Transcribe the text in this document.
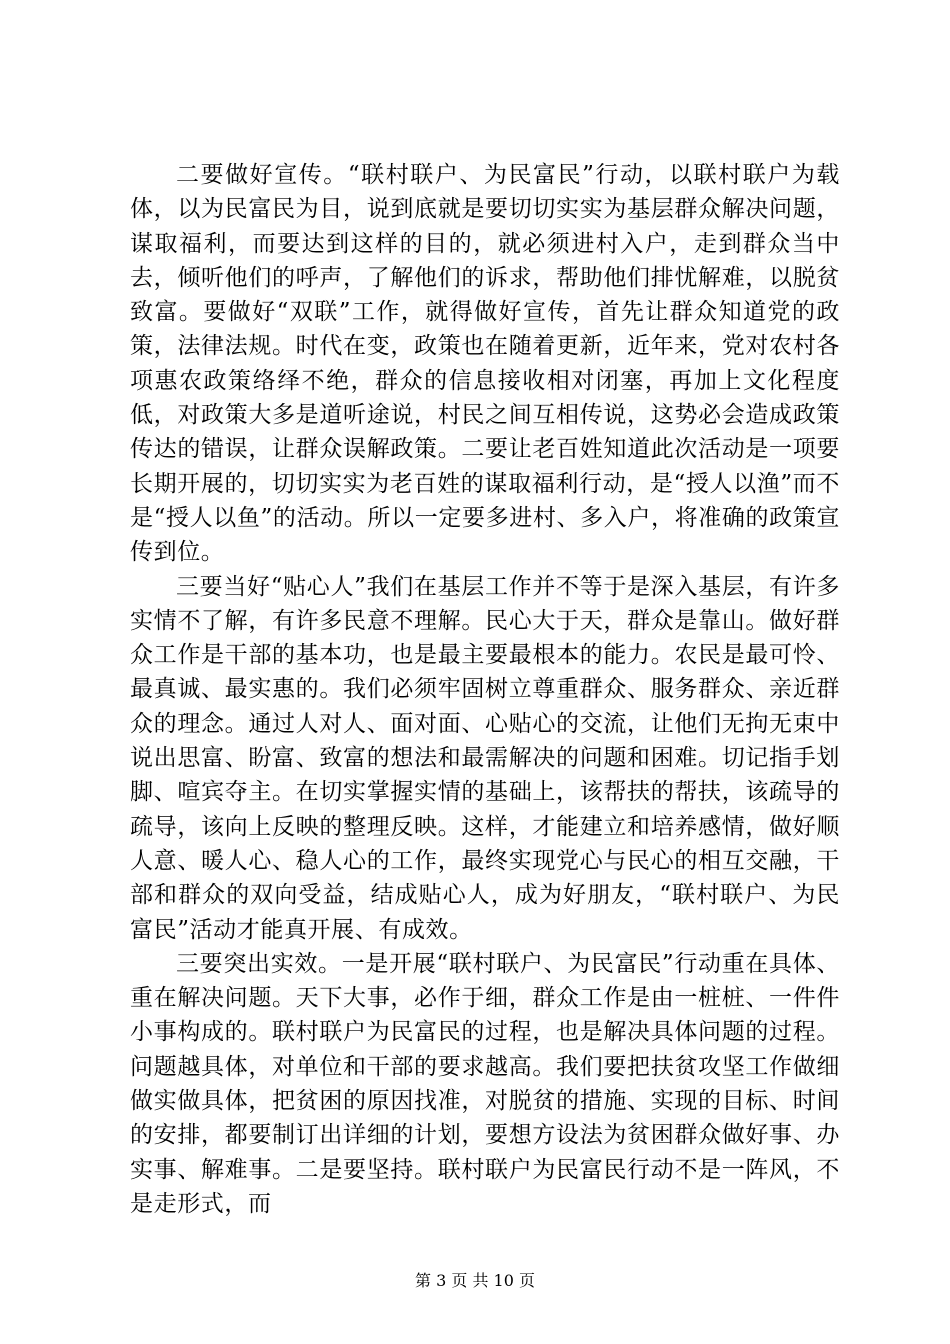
二要做好宣传。“联村联户、为民富民”行动，以联村联户为载体，以为民富民为目，说到底就是要切切实实为基层群众解决问题，谋取福利，而要达到这样的目的，就必须进村入户，走到群众当中去，倾听他们的呼声，了解他们的诉求，帮助他们排忧解难，以脱贫致富。要做好“双联”工作，就得做好宣传，首先让群众知道党的政策，法律法规。时代在变，政策也在随着更新，近年来，党对农村各项惠农政策络绎不绝，群众的信息接收相对闭塞，再加上文化程度低，对政策大多是道听途说，村民之间互相传说，这势必会造成政策传达的错误，让群众误解政策。二要让老百姓知道此次活动是一项要长期开展的，切切实实为老百姓的谋取福利行动，是“授人以渔”而不是“授人以鱼”的活动。所以一定要多进村、多入户，将准确的政策宣传到位。

三要当好“贴心人”我们在基层工作并不等于是深入基层，有许多实情不了解，有许多民意不理解。民心大于天，群众是靠山。做好群众工作是干部的基本功，也是最主要最根本的能力。农民是最可怜、最真诚、最实惠的。我们必须牢固树立尊重群众、服务群众、亲近群众的理念。通过人对人、面对面、心贴心的交流，让他们无拘无束中说出思富、盼富、致富的想法和最需解决的问题和困难。切记指手划脚、喧宾夺主。在切实掌握实情的基础上，该帮扶的帮扶，该疏导的疏导，该向上反映的整理反映。这样，才能建立和培养感情，做好顺人意、暖人心、稳人心的工作，最终实现党心与民心的相互交融，干部和群众的双向受益，结成贴心人，成为好朋友，“联村联户、为民富民”活动才能真开展、有成效。

三要突出实效。一是开展“联村联户、为民富民”行动重在具体、重在解决问题。天下大事，必作于细，群众工作是由一桩桩、一件件小事构成的。联村联户为民富民的过程，也是解决具体问题的过程。问题越具体，对单位和干部的要求越高。我们要把扶贫攻坚工作做细做实做具体，把贫困的原因找准，对脱贫的措施、实现的目标、时间的安排，都要制订出详细的计划，要想方设法为贫困群众做好事、办实事、解难事。二是要坚持。联村联户为民富民行动不是一阵风，不是走形式，而

第 3 页 共 10 页
